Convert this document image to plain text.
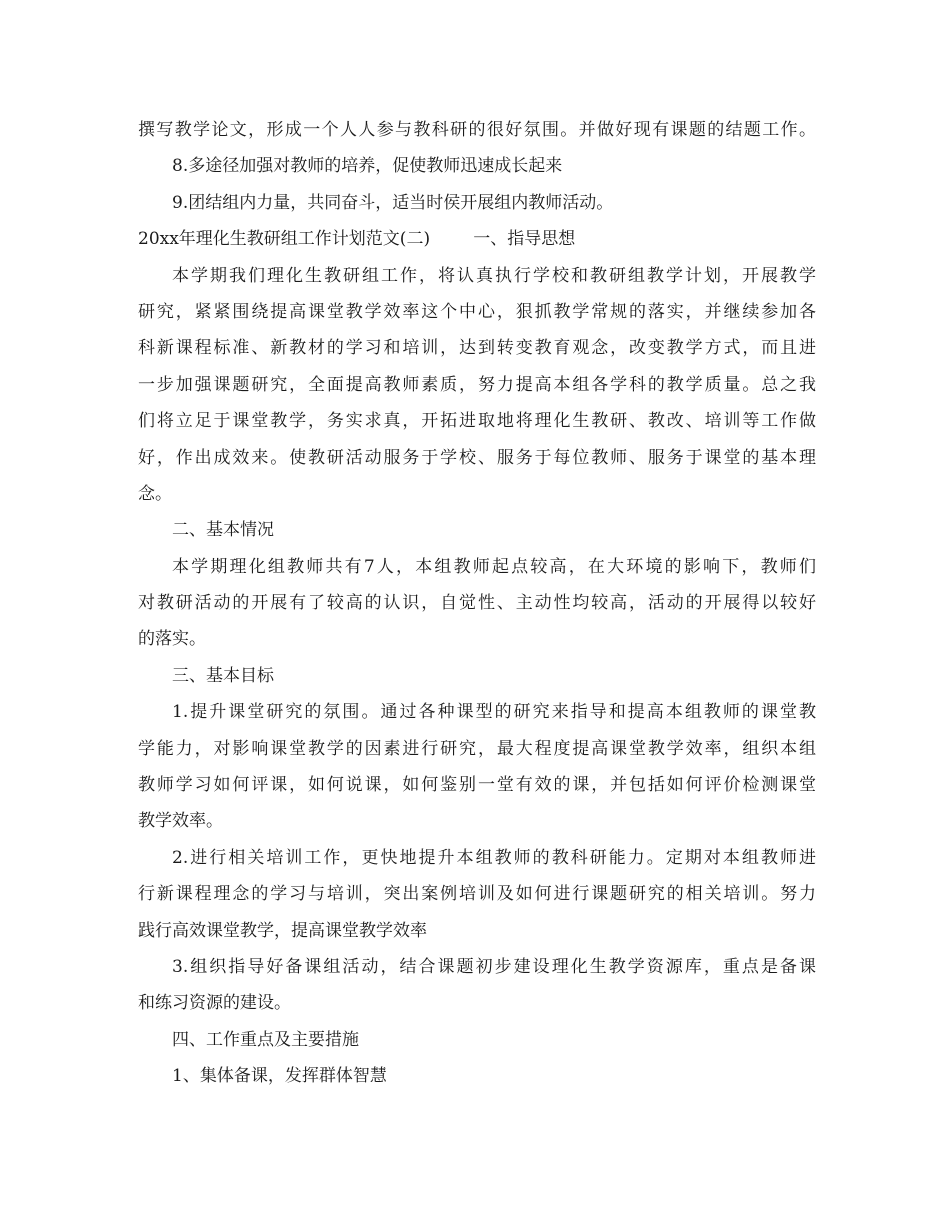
撰写教学论文，形成一个人人参与教科研的很好氛围。并做好现有课题的结题工作。
8.多途径加强对教师的培养，促使教师迅速成长起来
9.团结组内力量，共同奋斗，适当时侯开展组内教师活动。
20xx年理化生教研组工作计划范文(二)        一、指导思想
本学期我们理化生教研组工作，将认真执行学校和教研组教学计划，开展教学
研究，紧紧围绕提高课堂教学效率这个中心，狠抓教学常规的落实，并继续参加各
科新课程标准、新教材的学习和培训，达到转变教育观念，改变教学方式，而且进
一步加强课题研究，全面提高教师素质，努力提高本组各学科的教学质量。总之我
们将立足于课堂教学，务实求真，开拓进取地将理化生教研、教改、培训等工作做
好，作出成效来。使教研活动服务于学校、服务于每位教师、服务于课堂的基本理
念。
二、基本情况
本学期理化组教师共有7人，本组教师起点较高，在大环境的影响下，教师们
对教研活动的开展有了较高的认识，自觉性、主动性均较高，活动的开展得以较好
的落实。
三、基本目标
1.提升课堂研究的氛围。通过各种课型的研究来指导和提高本组教师的课堂教
学能力，对影响课堂教学的因素进行研究，最大程度提高课堂教学效率，组织本组
教师学习如何评课，如何说课，如何鉴别一堂有效的课，并包括如何评价检测课堂
教学效率。
2.进行相关培训工作，更快地提升本组教师的教科研能力。定期对本组教师进
行新课程理念的学习与培训，突出案例培训及如何进行课题研究的相关培训。努力
践行高效课堂教学，提高课堂教学效率
3.组织指导好备课组活动，结合课题初步建设理化生教学资源库，重点是备课
和练习资源的建设。
四、工作重点及主要措施
1、集体备课，发挥群体智慧
